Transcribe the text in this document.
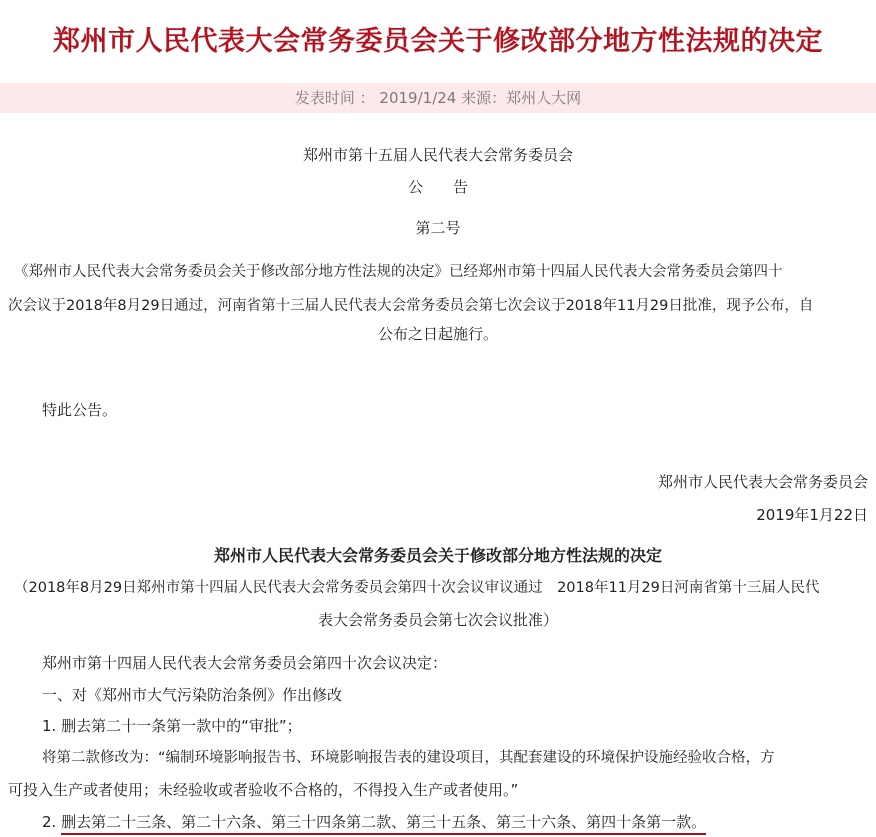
郑州市人民代表大会常务委员会关于修改部分地方性法规的决定
发表时间 ： 2019/1/24 来源：郑州人大网
郑州市第十五届人民代表大会常务委员会
公　　告
第二号
《郑州市人民代表大会常务委员会关于修改部分地方性法规的决定》已经郑州市第十四届人民代表大会常务委员会第四十
次会议于2018年8月29日通过，河南省第十三届人民代表大会常务委员会第七次会议于2018年11月29日批准，现予公布，自
公布之日起施行。
特此公告。
郑州市人民代表大会常务委员会
2019年1月22日
郑州市人民代表大会常务委员会关于修改部分地方性法规的决定
（2018年8月29日郑州市第十四届人民代表大会常务委员会第四十次会议审议通过　2018年11月29日河南省第十三届人民代
表大会常务委员会第七次会议批准）
郑州市第十四届人民代表大会常务委员会第四十次会议决定：
一、对《郑州市大气污染防治条例》作出修改
1. 删去第二十一条第一款中的“审批”；
将第二款修改为：“编制环境影响报告书、环境影响报告表的建设项目，其配套建设的环境保护设施经验收合格，方
可投入生产或者使用；未经验收或者验收不合格的，不得投入生产或者使用。”
2. 删去第二十三条、第二十六条、第三十四条第二款、第三十五条、第三十六条、第四十条第一款。
